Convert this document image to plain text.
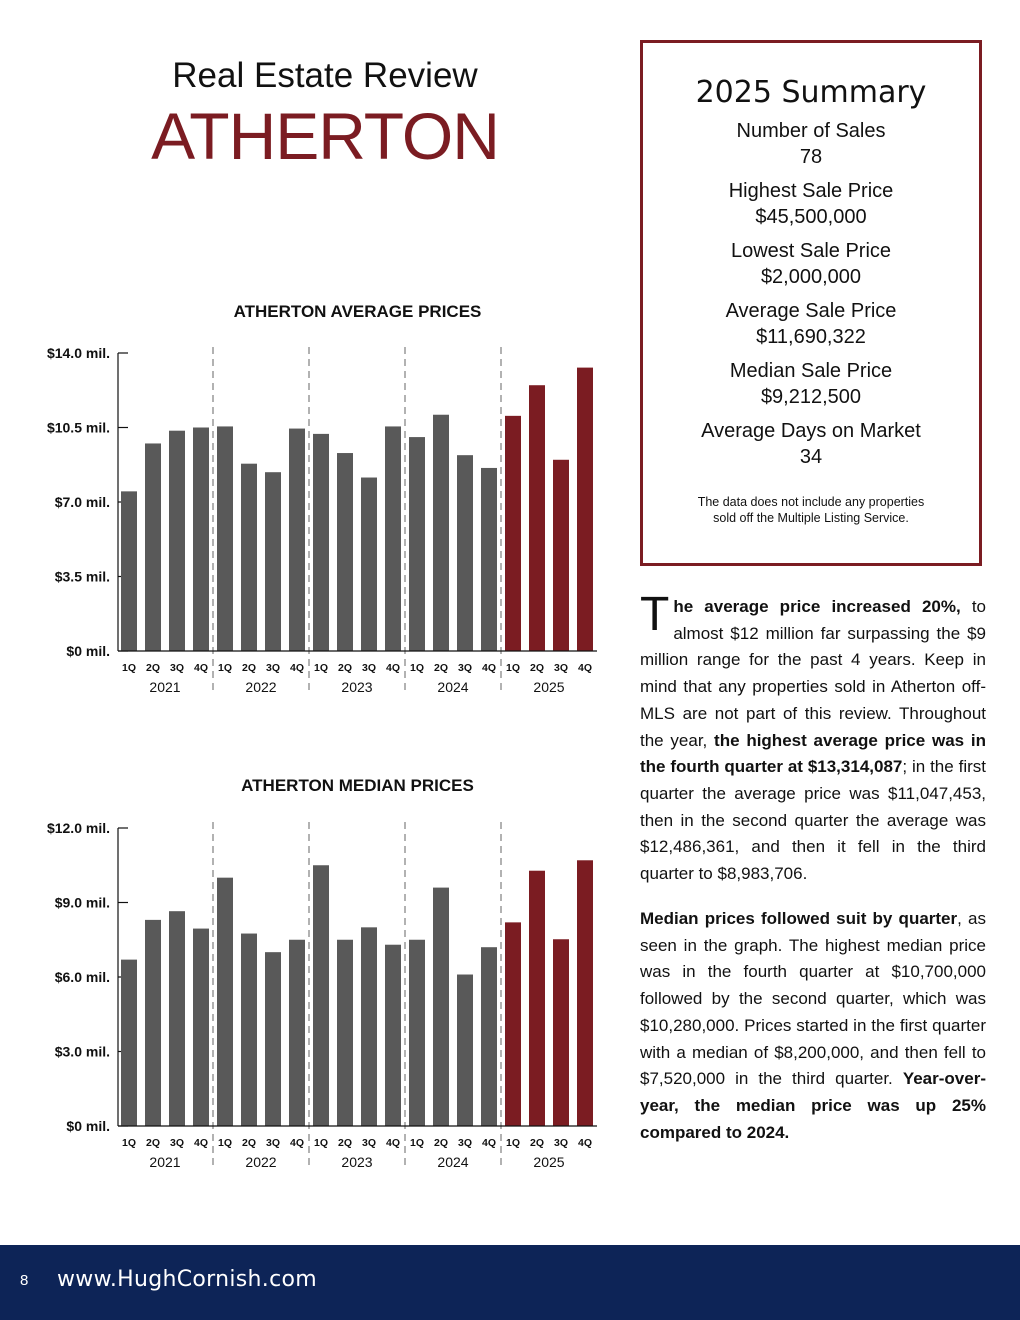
Real Estate Review
ATHERTON
2025 Summary
Number of Sales
78
Highest Sale Price
$45,500,000
Lowest Sale Price
$2,000,000
Average Sale Price
$11,690,322
Median Sale Price
$9,212,500
Average Days on Market
34
The data does not include any properties
sold off the Multiple Listing Service.
ATHERTON AVERAGE PRICES
$0 mil.
$3.5 mil.
$7.0 mil.
$10.5 mil.
$14.0 mil.
1Q 2Q 3Q 4Q 1Q 2Q 3Q 4Q 1Q 2Q 3Q 4Q 1Q 2Q 3Q 4Q 1Q 2Q 3Q 4Q
2021	2022	2023	2024	2025
ATHERTON MEDIAN PRICES
$0 mil.
$3.0 mil.
$6.0 mil.
$9.0 mil.
$12.0 mil.
1Q 2Q 3Q 4Q 1Q 2Q 3Q 4Q 1Q 2Q 3Q 4Q 1Q 2Q 3Q 4Q 1Q 2Q 3Q 4Q
2021	2022	2023	2024	2025
The average price increased 20%, to almost $12 million far surpassing the $9 million range for the past 4 years. Keep in mind that any properties sold in Atherton off-MLS are not part of this review. Throughout the year, the highest average price was in the fourth quarter at $13,314,087; in the first quarter the average price was $11,047,453, then in the second quarter the average was $12,486,361, and then it fell in the third quarter to $8,983,706.
Median prices followed suit by quarter, as seen in the graph. The highest median price was in the fourth quarter at $10,700,000 followed by the second quarter, which was $10,280,000. Prices started in the first quarter with a median of $8,200,000, and then fell to $7,520,000 in the third quarter. Year-over-year, the median price was up 25% compared to 2024.
8 www.HughCornish.com
